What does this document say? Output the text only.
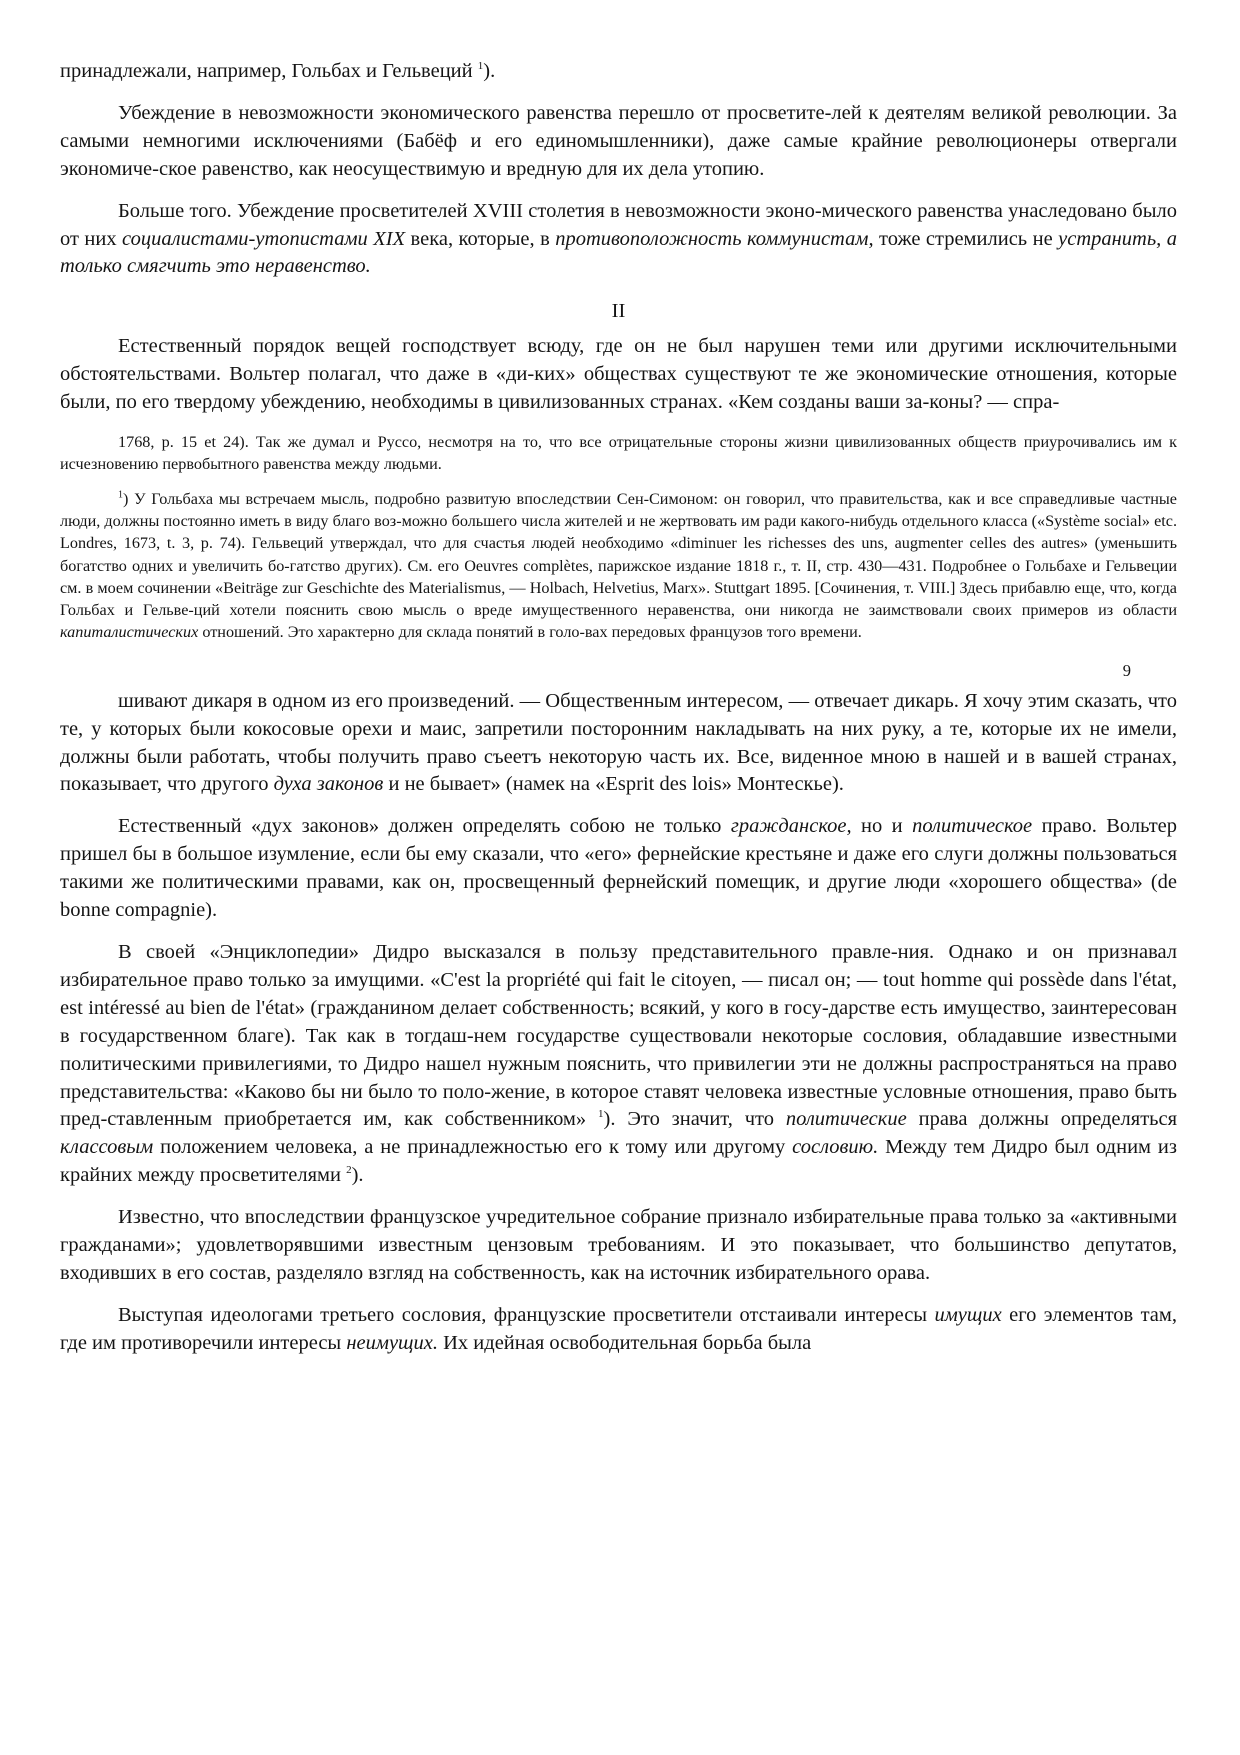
принадлежали, например, Гольбах и Гельвеций $^1$).

Убеждение в невозможности экономического равенства перешло от просветите-лей к деятелям великой революции. За самыми немногими исключениями (Бабёф и его единомышленники), даже самые крайние революционеры отвергали экономиче-ское равенство, как неосуществимую и вредную для их дела утопию.

Больше того. Убеждение просветителей XVIII столетия в невозможности эконо-мического равенства унаследовано было от них социалистами-утопистами XIX века, которые, в противоположность коммунистам, тоже стремились не устранить, а только смягчить это неравенство.

II

Естественный порядок вещей господствует всюду, где он не был нарушен теми или другими исключительными обстоятельствами. Вольтер полагал, что даже в «ди-ких» обществах существуют те же экономические отношения, которые были, по его твердому убеждению, необходимы в цивилизованных странах. «Кем созданы ваши за-коны? — спра-

1768, p. 15 et 24). Так же думал и Руссо, несмотря на то, что все отрицательные стороны жизни цивилизованных обществ приурочивались им к исчезновению первобытного равенства между людьми.

$^1$) У Гольбаха мы встречаем мысль, подробно развитую впоследствии Сен-Симоном: он говорил, что правительства, как и все справедливые частные люди, должны постоянно иметь в виду благо воз-можно большего числа жителей и не жертвовать им ради какого-нибудь отдельного класса («Système social» etc. Londres, 1673, t. 3, p. 74). Гельвеций утверждал, что для счастья людей необходимо «diminuer les richesses des uns, augmenter celles des autres» (уменьшить богатство одних и увеличить бо-гатство других). См. его Oeuvres complètes, парижское издание 1818 г., т. II, стр. 430—431. Подробнее о Гольбахе и Гельвеции см. в моем сочинении «Beiträge zur Geschichte des Materialismus, — Holbach, Helvetius, Marx». Stuttgart 1895. [Сочинения, т. VIII.] Здесь прибавлю еще, что, когда Гольбах и Гельве-ций хотели пояснить свою мысль о вреде имущественного неравенства, они никогда не заимствовали своих примеров из области капиталистических отношений. Это характерно для склада понятий в голо-вах передовых французов того времени.

9

шивают дикаря в одном из его произведений. — Общественным интересом, — отвечает дикарь. Я хочу этим сказать, что те, у которых были кокосовые орехи и маис, запретили посторонним накладывать на них руку, а те, которые их не имели, должны были работать, чтобы получить право съеетъ некоторую часть их. Все, виденное мною в нашей и в вашей странах, показывает, что другого духа законов и не бывает» (намек на «Esprit des lois» Монтескье).

Естественный «дух законов» должен определять собою не только гражданское, но и политическое право. Вольтер пришел бы в большое изумление, если бы ему сказали, что «его» фернейские крестьяне и даже его слуги должны пользоваться такими же политическими правами, как он, просвещенный фернейский помещик, и другие люди «хорошего общества» (de bonne compagnie).

В своей «Энциклопедии» Дидро высказался в пользу представительного правле-ния. Однако и он признавал избирательное право только за имущими. «C'est la propriété qui fait le citoyen, — писал он; — tout homme qui possède dans l'état, est intéressé au bien de l'état» (гражданином делает собственность; всякий, у кого в госу-дарстве есть имущество, заинтересован в государственном благе). Так как в тогдаш-нем государстве существовали некоторые сословия, обладавшие известными политическими привилегиями, то Дидро нашел нужным пояснить, что привилегии эти не должны распространяться на право представительства: «Каково бы ни было то поло-жение, в которое ставят человека известные условные отношения, право быть пред-ставленным приобретается им, как собственником» $^1$). Это значит, что политические права должны определяться классовым положением человека, а не принадлежностью его к тому или другому сословию. Между тем Дидро был одним из крайних между просветителями $^2$).

Известно, что впоследствии французское учредительное собрание признало избирательные права только за «активными гражданами»; удовлетворявшими известным цензовым требованиям. И это показывает, что большинство депутатов, входивших в его состав, разделяло взгляд на собственность, как на источник избирательного орава.

Выступая идеологами третьего сословия, французские просветители отстаивали интересы имущих его элементов там, где им противоречили интересы неимущих. Их идейная освободительная борьба была
